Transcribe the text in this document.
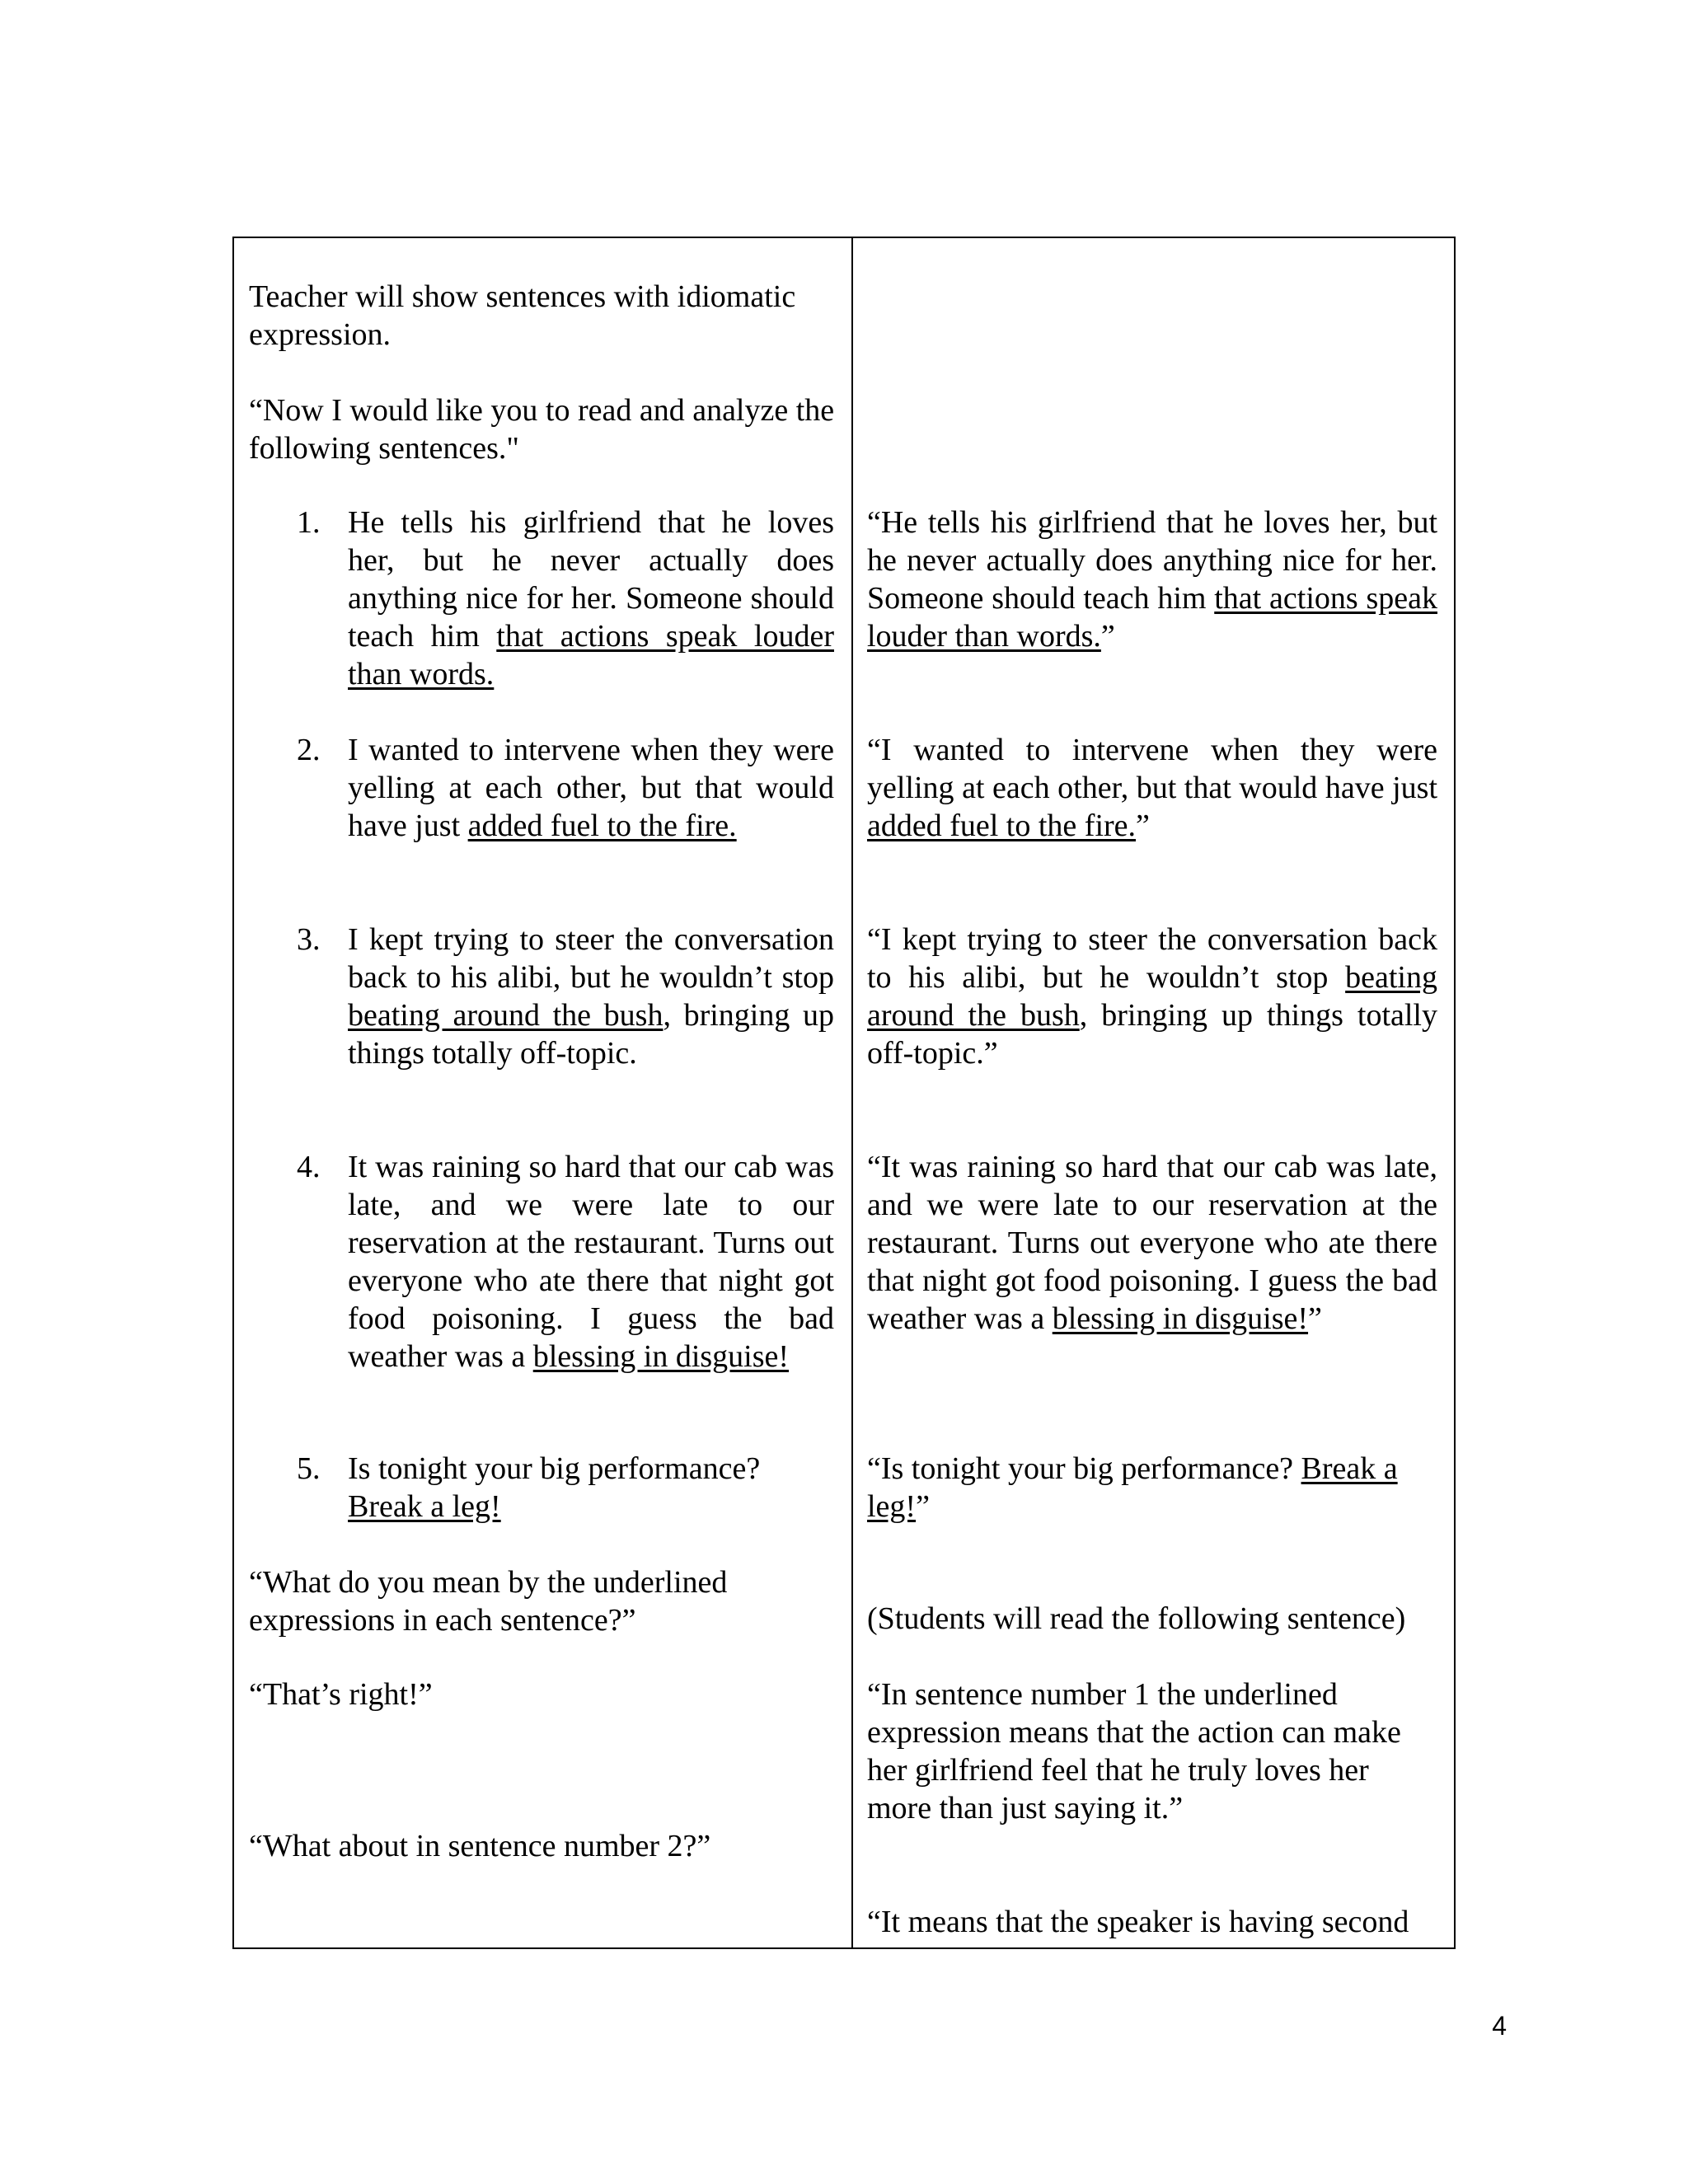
Teacher will show sentences with idiomatic expression.

“Now I would like you to read and analyze the following sentences."

1. He tells his girlfriend that he loves her, but he never actually does anything nice for her. Someone should teach him that actions speak louder than words.

2. I wanted to intervene when they were yelling at each other, but that would have just added fuel to the fire.

3. I kept trying to steer the conversation back to his alibi, but he wouldn’t stop beating around the bush, bringing up things totally off-topic.

4. It was raining so hard that our cab was late, and we were late to our reservation at the restaurant. Turns out everyone who ate there that night got food poisoning. I guess the bad weather was a blessing in disguise!

5. Is tonight your big performance?
Break a leg!

“What do you mean by the underlined expressions in each sentence?”

“That’s right!”

“What about in sentence number 2?”

“He tells his girlfriend that he loves her, but he never actually does anything nice for her. Someone should teach him that actions speak louder than words.”

“I wanted to intervene when they were yelling at each other, but that would have just added fuel to the fire.”

“I kept trying to steer the conversation back to his alibi, but he wouldn’t stop beating around the bush, bringing up things totally off-topic.”

“It was raining so hard that our cab was late, and we were late to our reservation at the restaurant. Turns out everyone who ate there that night got food poisoning. I guess the bad weather was a blessing in disguise!”

“Is tonight your big performance? Break a leg!”

(Students will read the following sentence)

“In sentence number 1 the underlined expression means that the action can make her girlfriend feel that he truly loves her more than just saying it.”

“It means that the speaker is having second

4
